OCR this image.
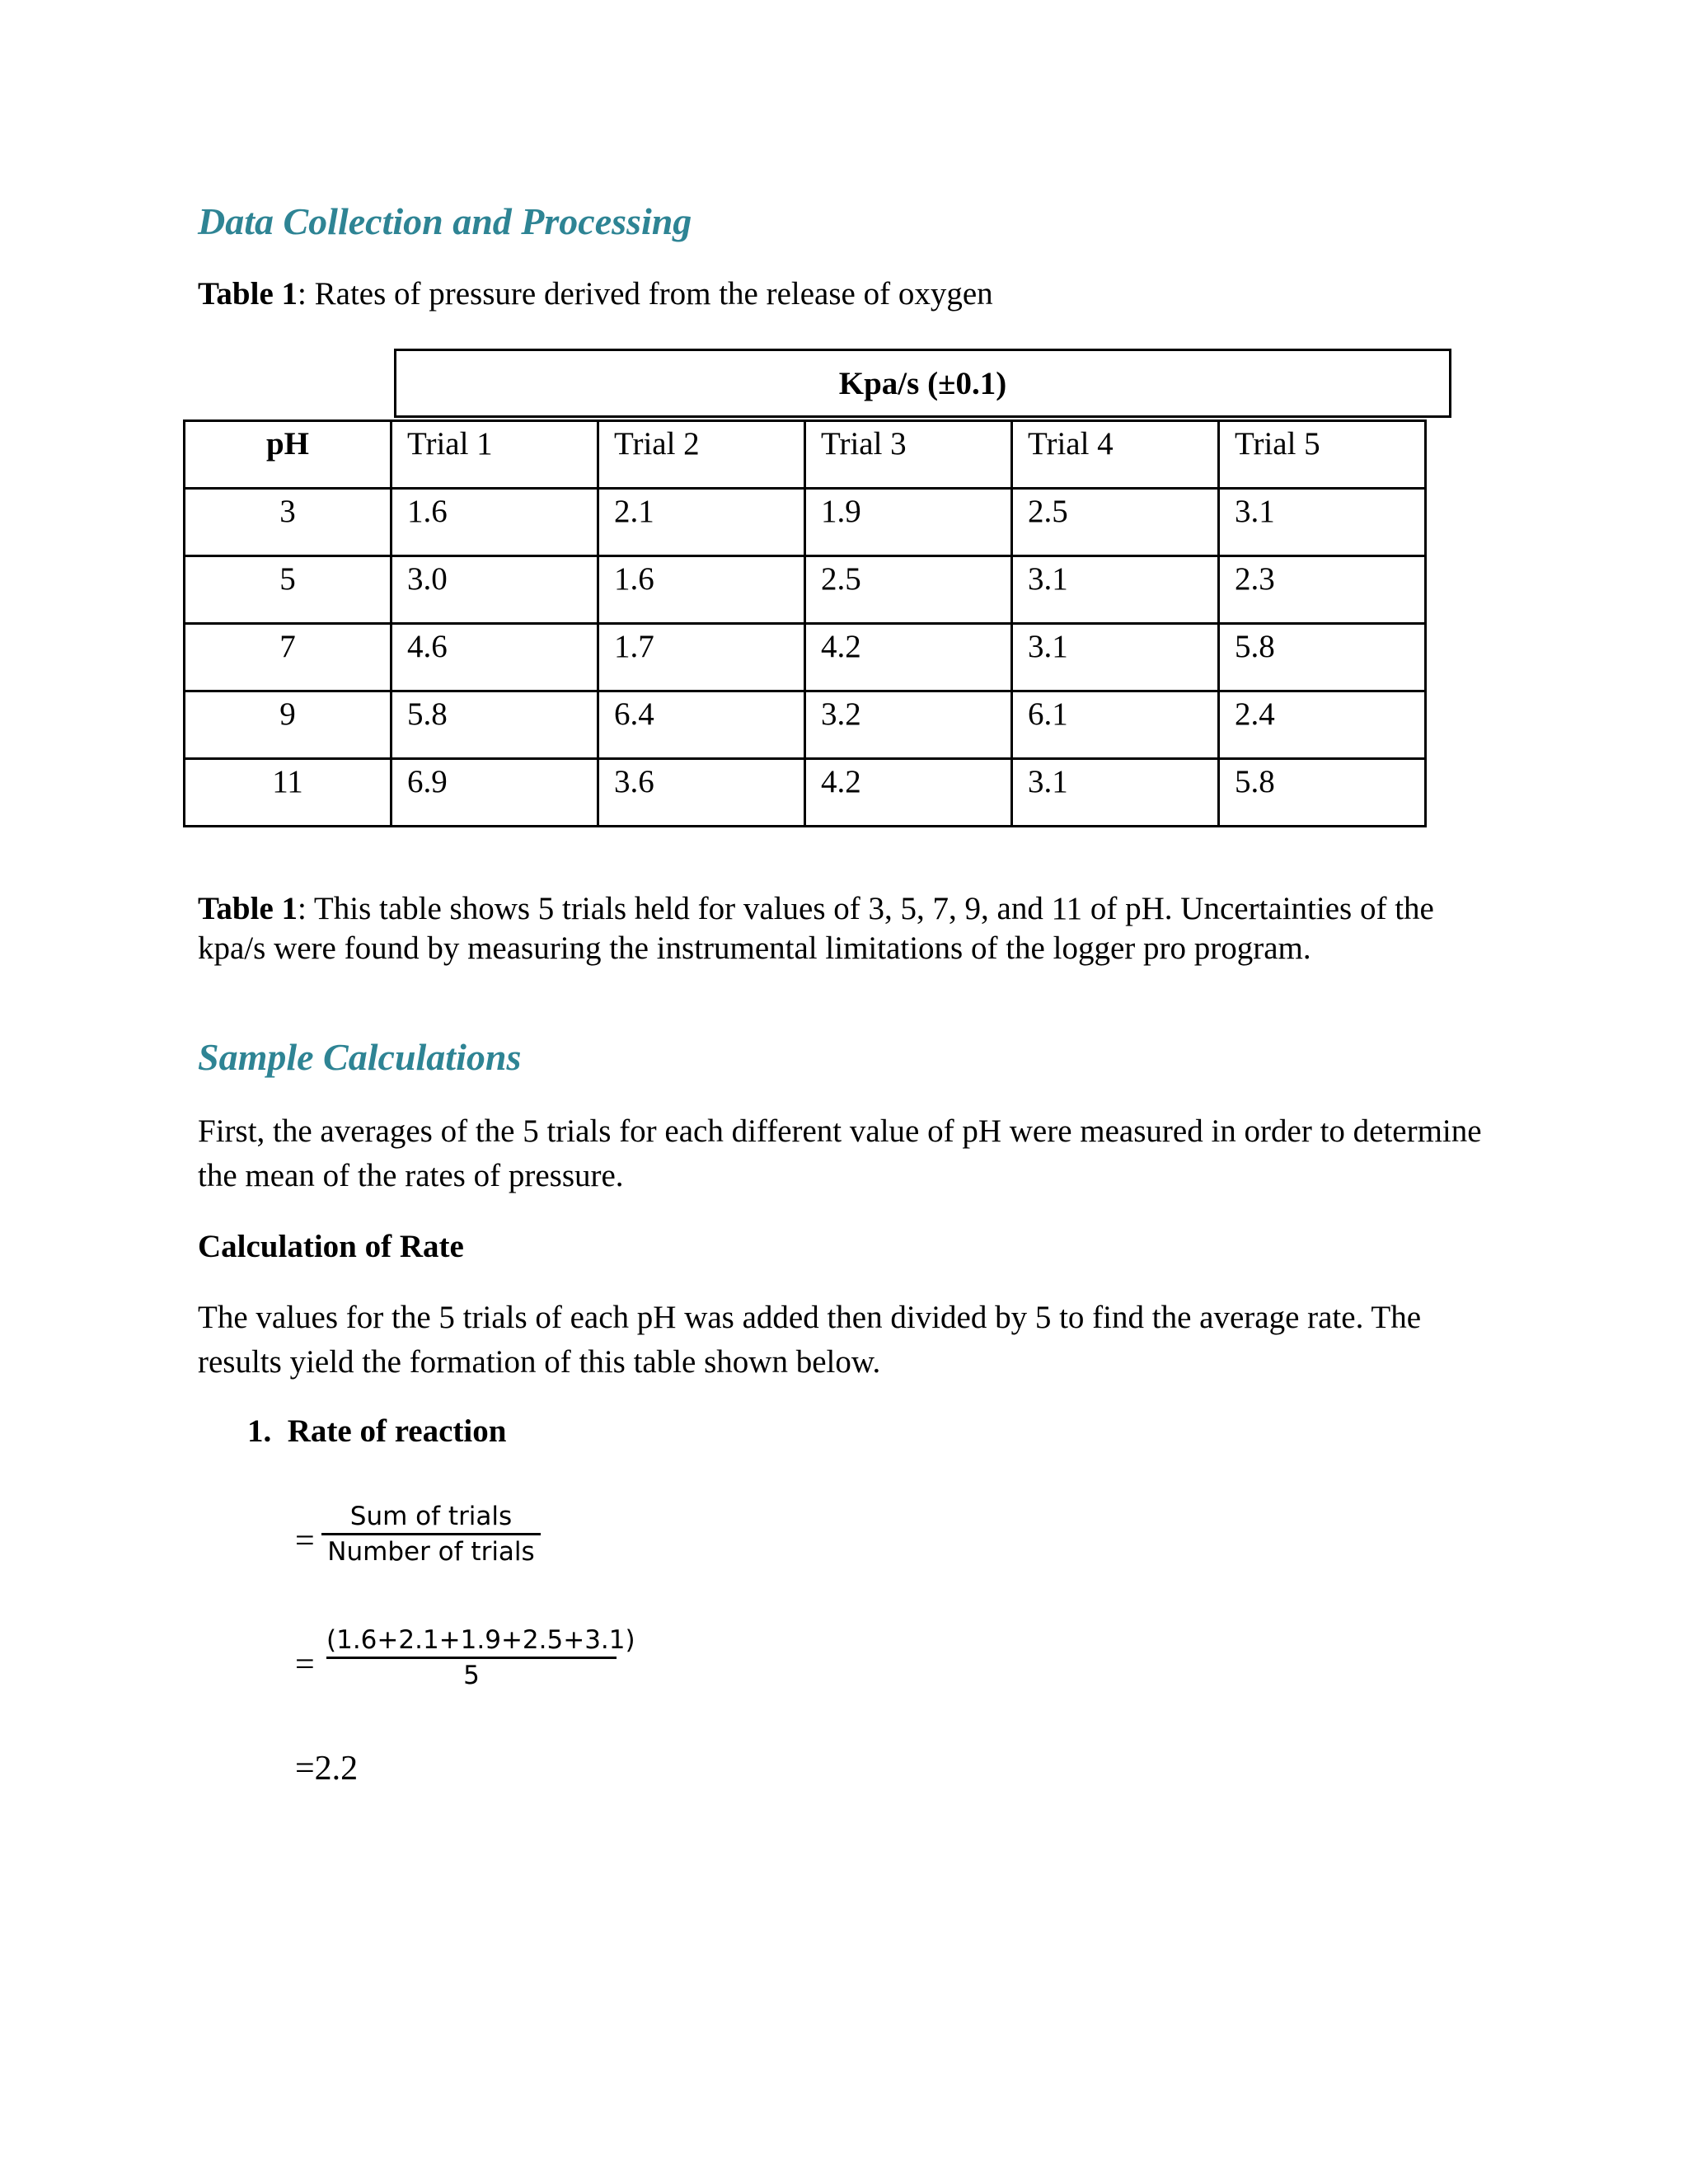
Data Collection and Processing

Table 1: Rates of pressure derived from the release of oxygen

Kpa/s (±0.1)
pH	Trial 1	Trial 2	Trial 3	Trial 4	Trial 5
3	1.6	2.1	1.9	2.5	3.1
5	3.0	1.6	2.5	3.1	2.3
7	4.6	1.7	4.2	3.1	5.8
9	5.8	6.4	3.2	6.1	2.4
11	6.9	3.6	4.2	3.1	5.8

Table 1: This table shows 5 trials held for values of 3, 5, 7, 9, and 11 of pH. Uncertainties of the kpa/s were found by measuring the instrumental limitations of the logger pro program.

Sample Calculations

First, the averages of the 5 trials for each different value of pH were measured in order to determine the mean of the rates of pressure.

Calculation of Rate

The values for the 5 trials of each pH was added then divided by 5 to find the average rate. The results yield the formation of this table shown below.

1. Rate of reaction

=
Sum of trials
Number of trials
=
(1.6+2.1+1.9+2.5+3.1)
5
=2.2
